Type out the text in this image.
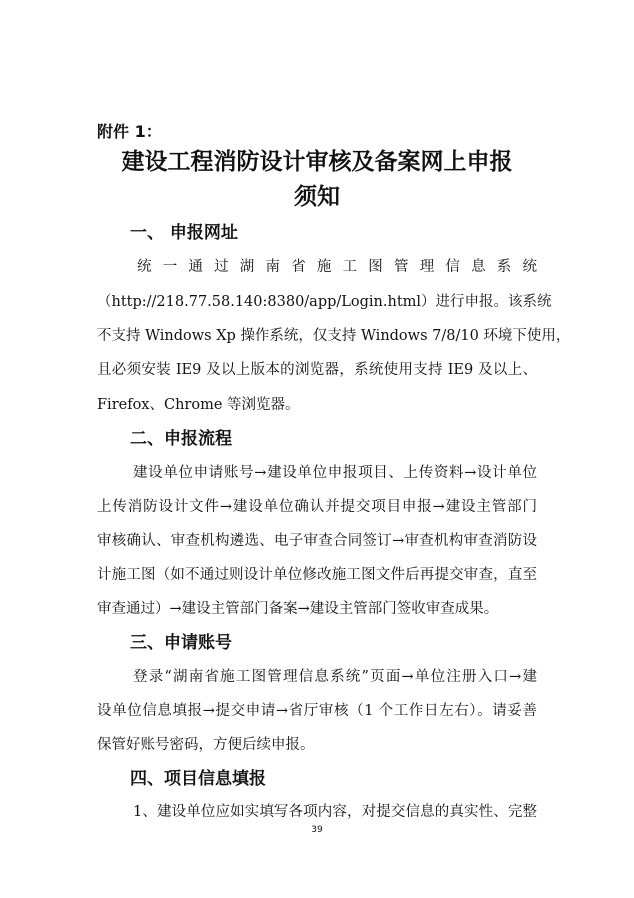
附件 1：
建设工程消防设计审核及备案网上申报
须知
一、 申报网址
统 一 通 过 湖 南 省 施 工 图 管 理 信 息 系 统
（http://218.77.58.140:8380/app/Login.html）进行申报。该系统
不支持 Windows Xp 操作系统，仅支持 Windows 7/8/10 环境下使用，
且必须安装 IE9 及以上版本的浏览器，系统使用支持 IE9 及以上、
Firefox、Chrome 等浏览器。
二、申报流程
建设单位申请账号→建设单位申报项目、上传资料→设计单位
上传消防设计文件→建设单位确认并提交项目申报→建设主管部门
审核确认、审查机构遴选、电子审查合同签订→审查机构审查消防设
计施工图（如不通过则设计单位修改施工图文件后再提交审查，直至
审查通过）→建设主管部门备案→建设主管部门签收审查成果。
三、申请账号
登录“湖南省施工图管理信息系统”页面→单位注册入口→建
设单位信息填报→提交申请→省厅审核（1 个工作日左右）。请妥善
保管好账号密码，方便后续申报。
四、项目信息填报
1、建设单位应如实填写各项内容，对提交信息的真实性、完整
39
